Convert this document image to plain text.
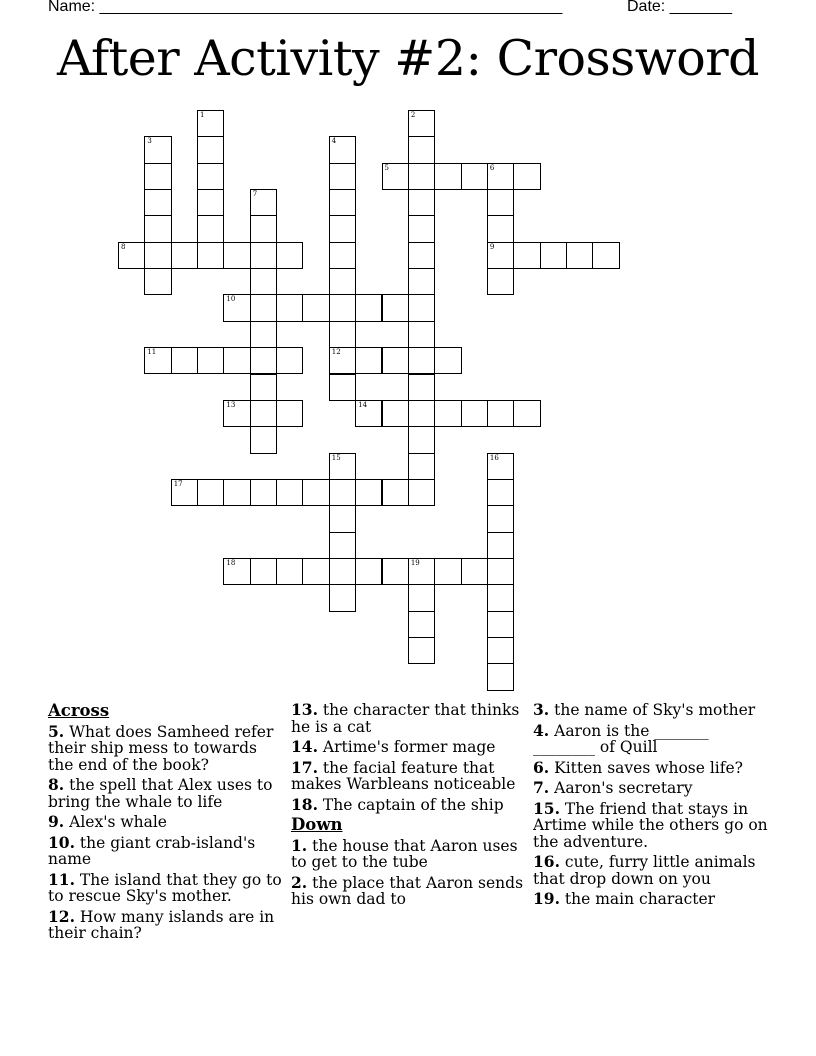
Name: ____________________________________________________	Date: _______
After Activity #2: Crossword
1	2
3	4
12
5	6
9
7
8
10
11
13	14
15	16
17
18	19
Across
5. What does Samheed refer their ship mess to towards the end of the book?
8. the spell that Alex uses to bring the whale to life
9. Alex's whale
10. the giant crab-island's name
11. The island that they go to to rescue Sky's mother.
12. How many islands are in their chain?
13. the character that thinks he is a cat
14. Artime's former mage
17. the facial feature that makes Warbleans noticeable
18. The captain of the ship
Down
1. the house that Aaron uses to get to the tube
2. the place that Aaron sends his own dad to
3. the name of Sky's mother
4. Aaron is the _______ ________ of Quill
6. Kitten saves whose life?
7. Aaron's secretary
15. The friend that stays in Artime while the others go on the adventure.
16. cute, furry little animals that drop down on you
19. the main character
